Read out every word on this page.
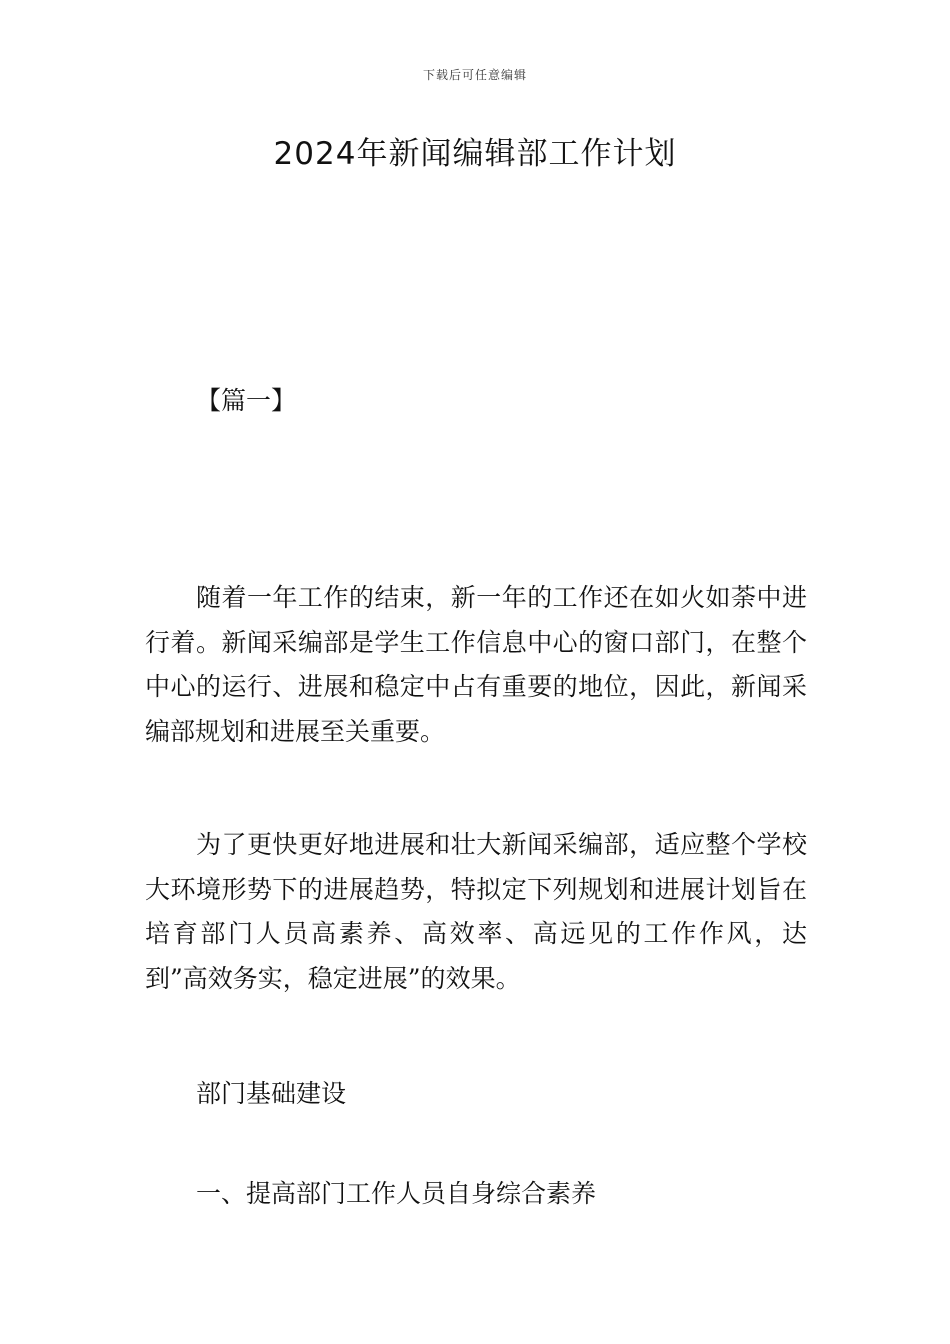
下载后可任意编辑
2024年新闻编辑部工作计划
【篇一】

随着一年工作的结束，新一年的工作还在如火如荼中进行着。新闻采编部是学生工作信息中心的窗口部门，在整个中心的运行、进展和稳定中占有重要的地位，因此，新闻采编部规划和进展至关重要。

为了更快更好地进展和壮大新闻采编部，适应整个学校大环境形势下的进展趋势，特拟定下列规划和进展计划旨在培育部门人员高素养、高效率、高远见的工作作风，达到”高效务实，稳定进展”的效果。

部门基础建设
一、提高部门工作人员自身综合素养
